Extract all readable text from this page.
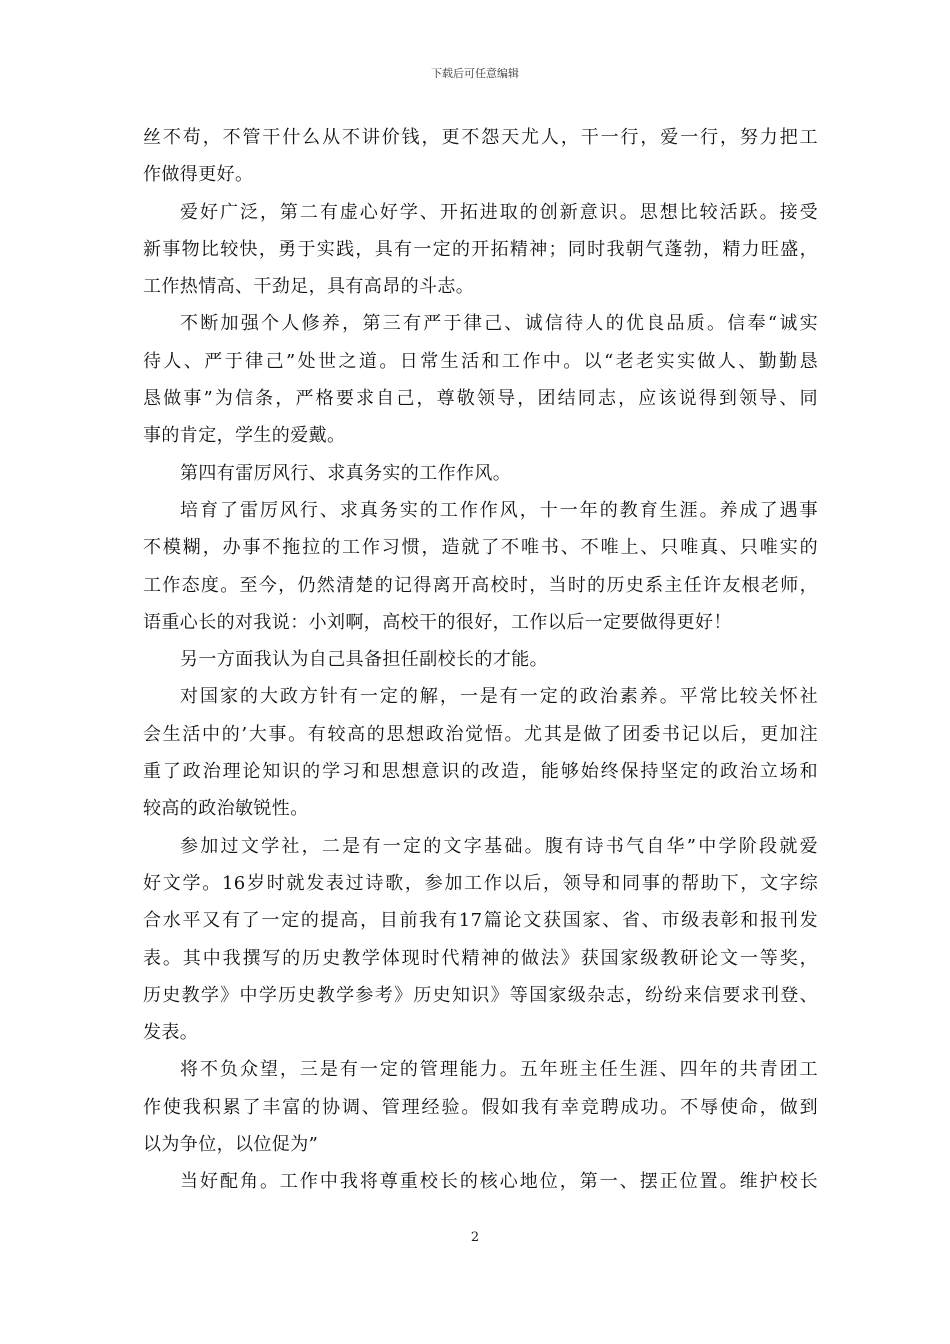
下载后可任意编辑
丝不苟，不管干什么从不讲价钱，更不怨天尤人，干一行，爱一行，努力把工
作做得更好。
爱好广泛，第二有虚心好学、开拓进取的创新意识。思想比较活跃。接受
新事物比较快，勇于实践，具有一定的开拓精神；同时我朝气蓬勃，精力旺盛，
工作热情高、干劲足，具有高昂的斗志。
不断加强个人修养，第三有严于律己、诚信待人的优良品质。信奉“诚实
待人、严于律己”处世之道。日常生活和工作中。以“老老实实做人、勤勤恳
恳做事”为信条，严格要求自己，尊敬领导，团结同志，应该说得到领导、同
事的肯定，学生的爱戴。
第四有雷厉风行、求真务实的工作作风。
培育了雷厉风行、求真务实的工作作风，十一年的教育生涯。养成了遇事
不模糊，办事不拖拉的工作习惯，造就了不唯书、不唯上、只唯真、只唯实的
工作态度。至今，仍然清楚的记得离开高校时，当时的历史系主任许友根老师，
语重心长的对我说：小刘啊，高校干的很好，工作以后一定要做得更好！
另一方面我认为自己具备担任副校长的才能。
对国家的大政方针有一定的解，一是有一定的政治素养。平常比较关怀社
会生活中的’大事。有较高的思想政治觉悟。尤其是做了团委书记以后，更加注
重了政治理论知识的学习和思想意识的改造，能够始终保持坚定的政治立场和
较高的政治敏锐性。
参加过文学社，二是有一定的文字基础。腹有诗书气自华”中学阶段就爱
好文学。16岁时就发表过诗歌，参加工作以后，领导和同事的帮助下，文字综
合水平又有了一定的提高，目前我有17篇论文获国家、省、市级表彰和报刊发
表。其中我撰写的历史教学体现时代精神的做法》获国家级教研论文一等奖，
历史教学》中学历史教学参考》历史知识》等国家级杂志，纷纷来信要求刊登、
发表。
将不负众望，三是有一定的管理能力。五年班主任生涯、四年的共青团工
作使我积累了丰富的协调、管理经验。假如我有幸竞聘成功。不辱使命，做到
以为争位，以位促为”
当好配角。工作中我将尊重校长的核心地位，第一、摆正位置。维护校长
2
